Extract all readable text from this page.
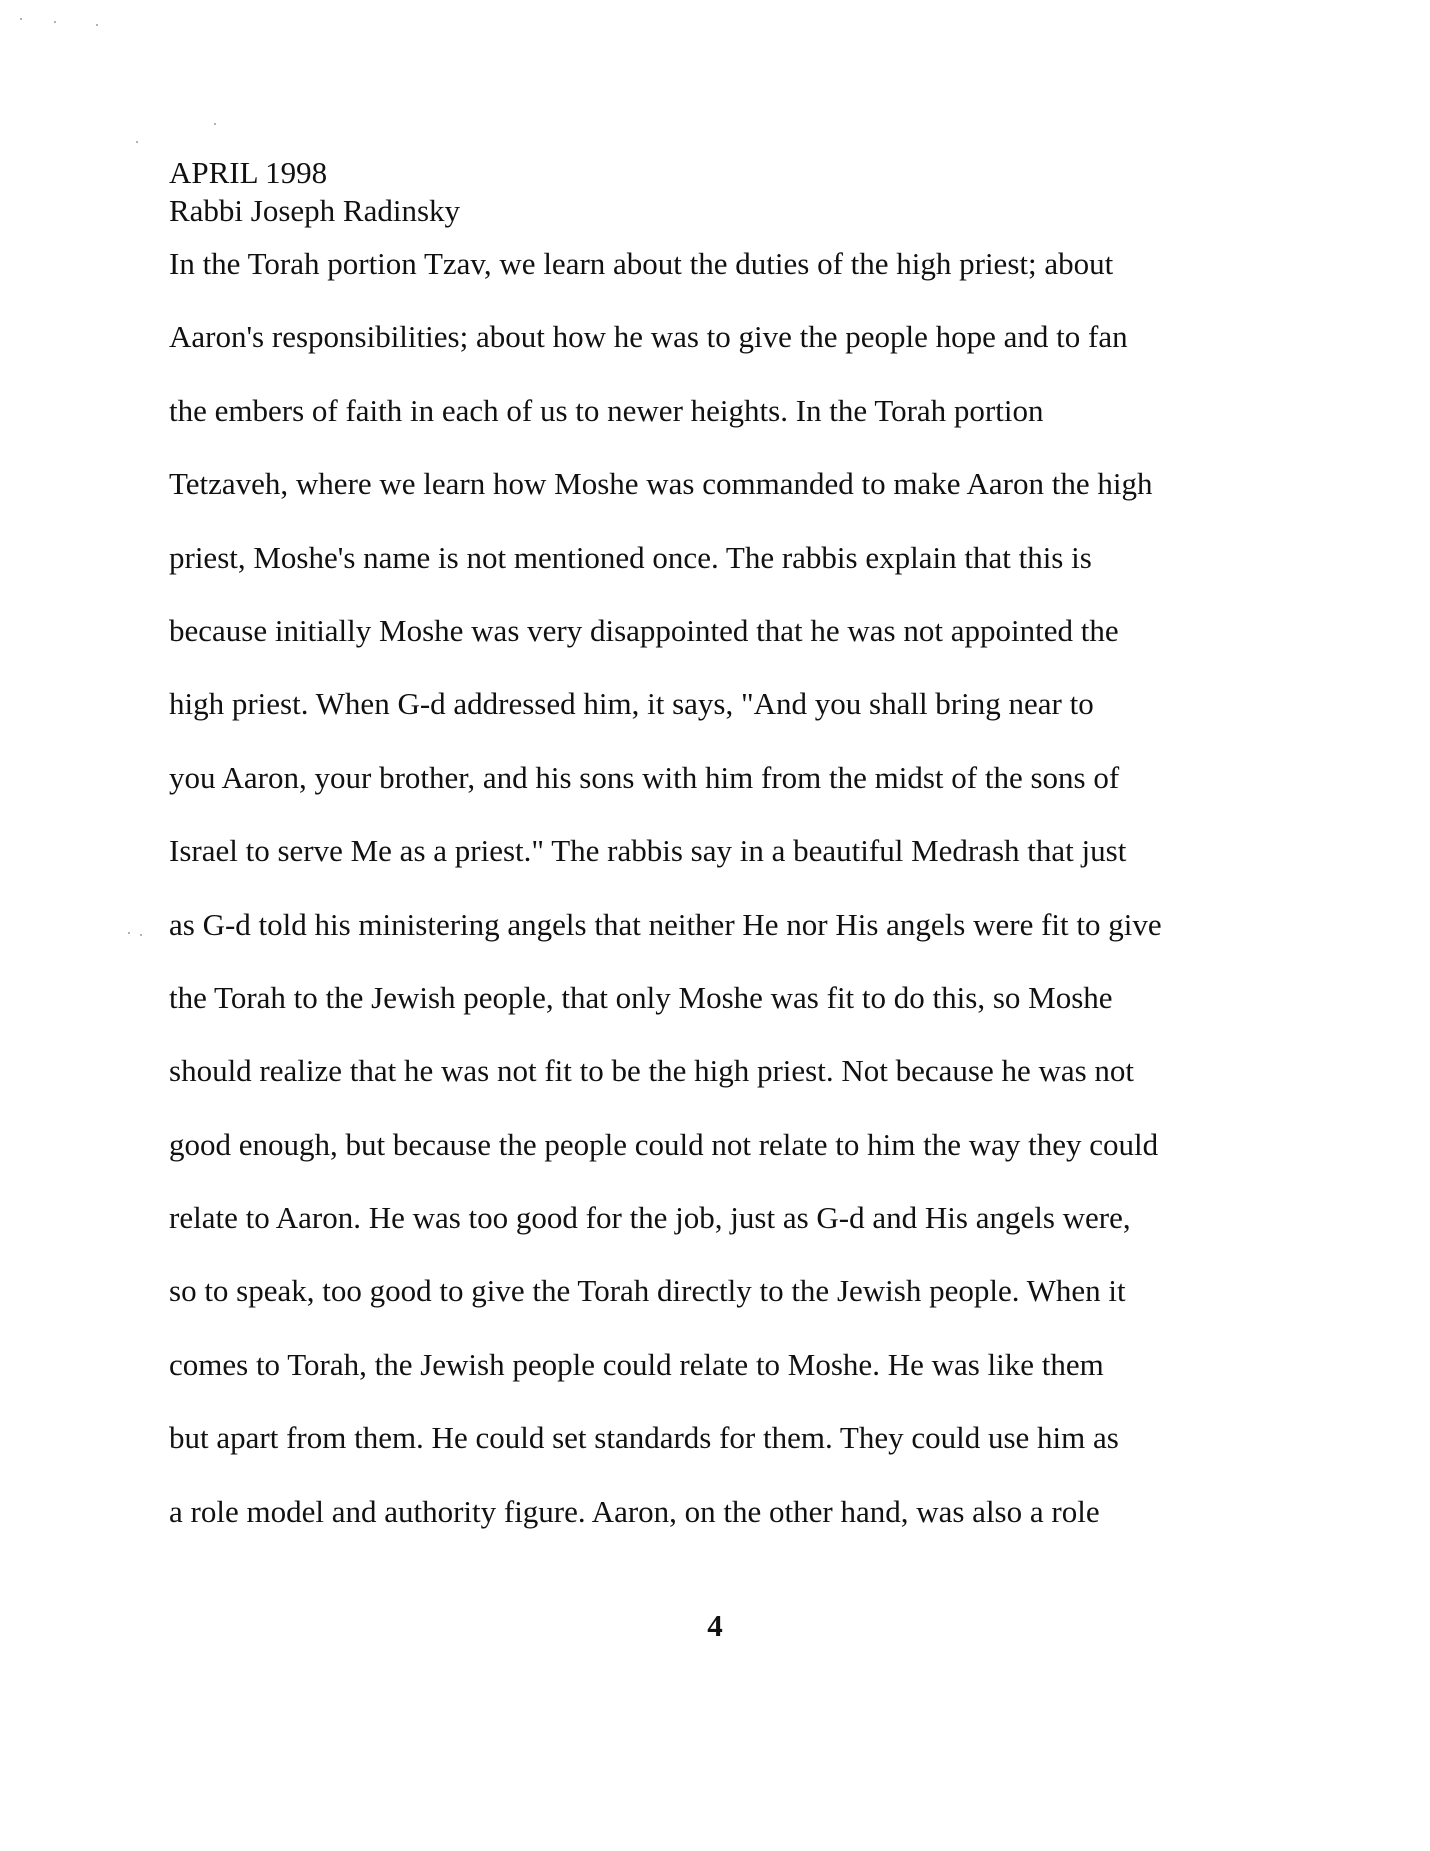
APRIL 1998
Rabbi Joseph Radinsky
In the Torah portion Tzav, we learn about the duties of the high priest; about
Aaron's responsibilities; about how he was to give the people hope and to fan
the embers of faith in each of us to newer heights. In the Torah portion
Tetzaveh, where we learn how Moshe was commanded to make Aaron the high
priest, Moshe's name is not mentioned once. The rabbis explain that this is
because initially Moshe was very disappointed that he was not appointed the
high priest. When G-d addressed him, it says, "And you shall bring near to
you Aaron, your brother, and his sons with him from the midst of the sons of
Israel to serve Me as a priest." The rabbis say in a beautiful Medrash that just
as G-d told his ministering angels that neither He nor His angels were fit to give
the Torah to the Jewish people, that only Moshe was fit to do this, so Moshe
should realize that he was not fit to be the high priest. Not because he was not
good enough, but because the people could not relate to him the way they could
relate to Aaron. He was too good for the job, just as G-d and His angels were,
so to speak, too good to give the Torah directly to the Jewish people. When it
comes to Torah, the Jewish people could relate to Moshe. He was like them
but apart from them. He could set standards for them. They could use him as
a role model and authority figure. Aaron, on the other hand, was also a role
4
